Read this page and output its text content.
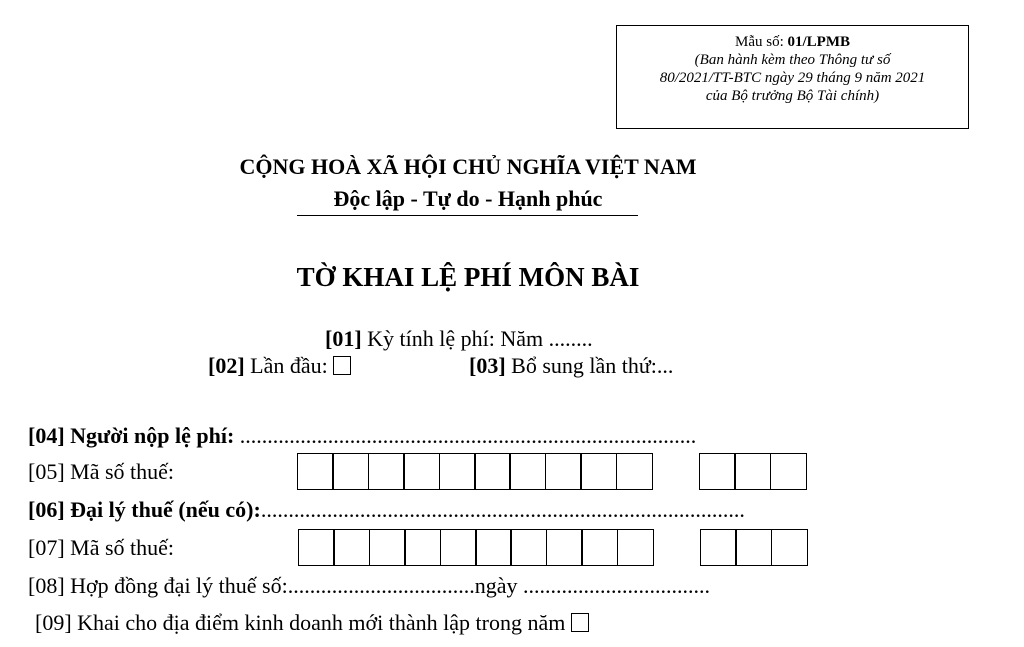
Mẫu số: 01/LPMB
(Ban hành kèm theo Thông tư số
80/2021/TT-BTC ngày 29 tháng 9 năm 2021
của Bộ trưởng Bộ Tài chính)
CỘNG HOÀ XÃ HỘI CHỦ NGHĨA VIỆT NAM
Độc lập - Tự do - Hạnh phúc
TỜ KHAI LỆ PHÍ MÔN BÀI
[01] Kỳ tính lệ phí: Năm ........
[02] Lần đầu:	[03] Bổ sung lần thứ:...
[04] Người nộp lệ phí: ...................................................................................
[05] Mã số thuế:
[06] Đại lý thuế (nếu có):........................................................................................
[07] Mã số thuế:
[08] Hợp đồng đại lý thuế số:..................................ngày ..................................
[09] Khai cho địa điểm kinh doanh mới thành lập trong năm
